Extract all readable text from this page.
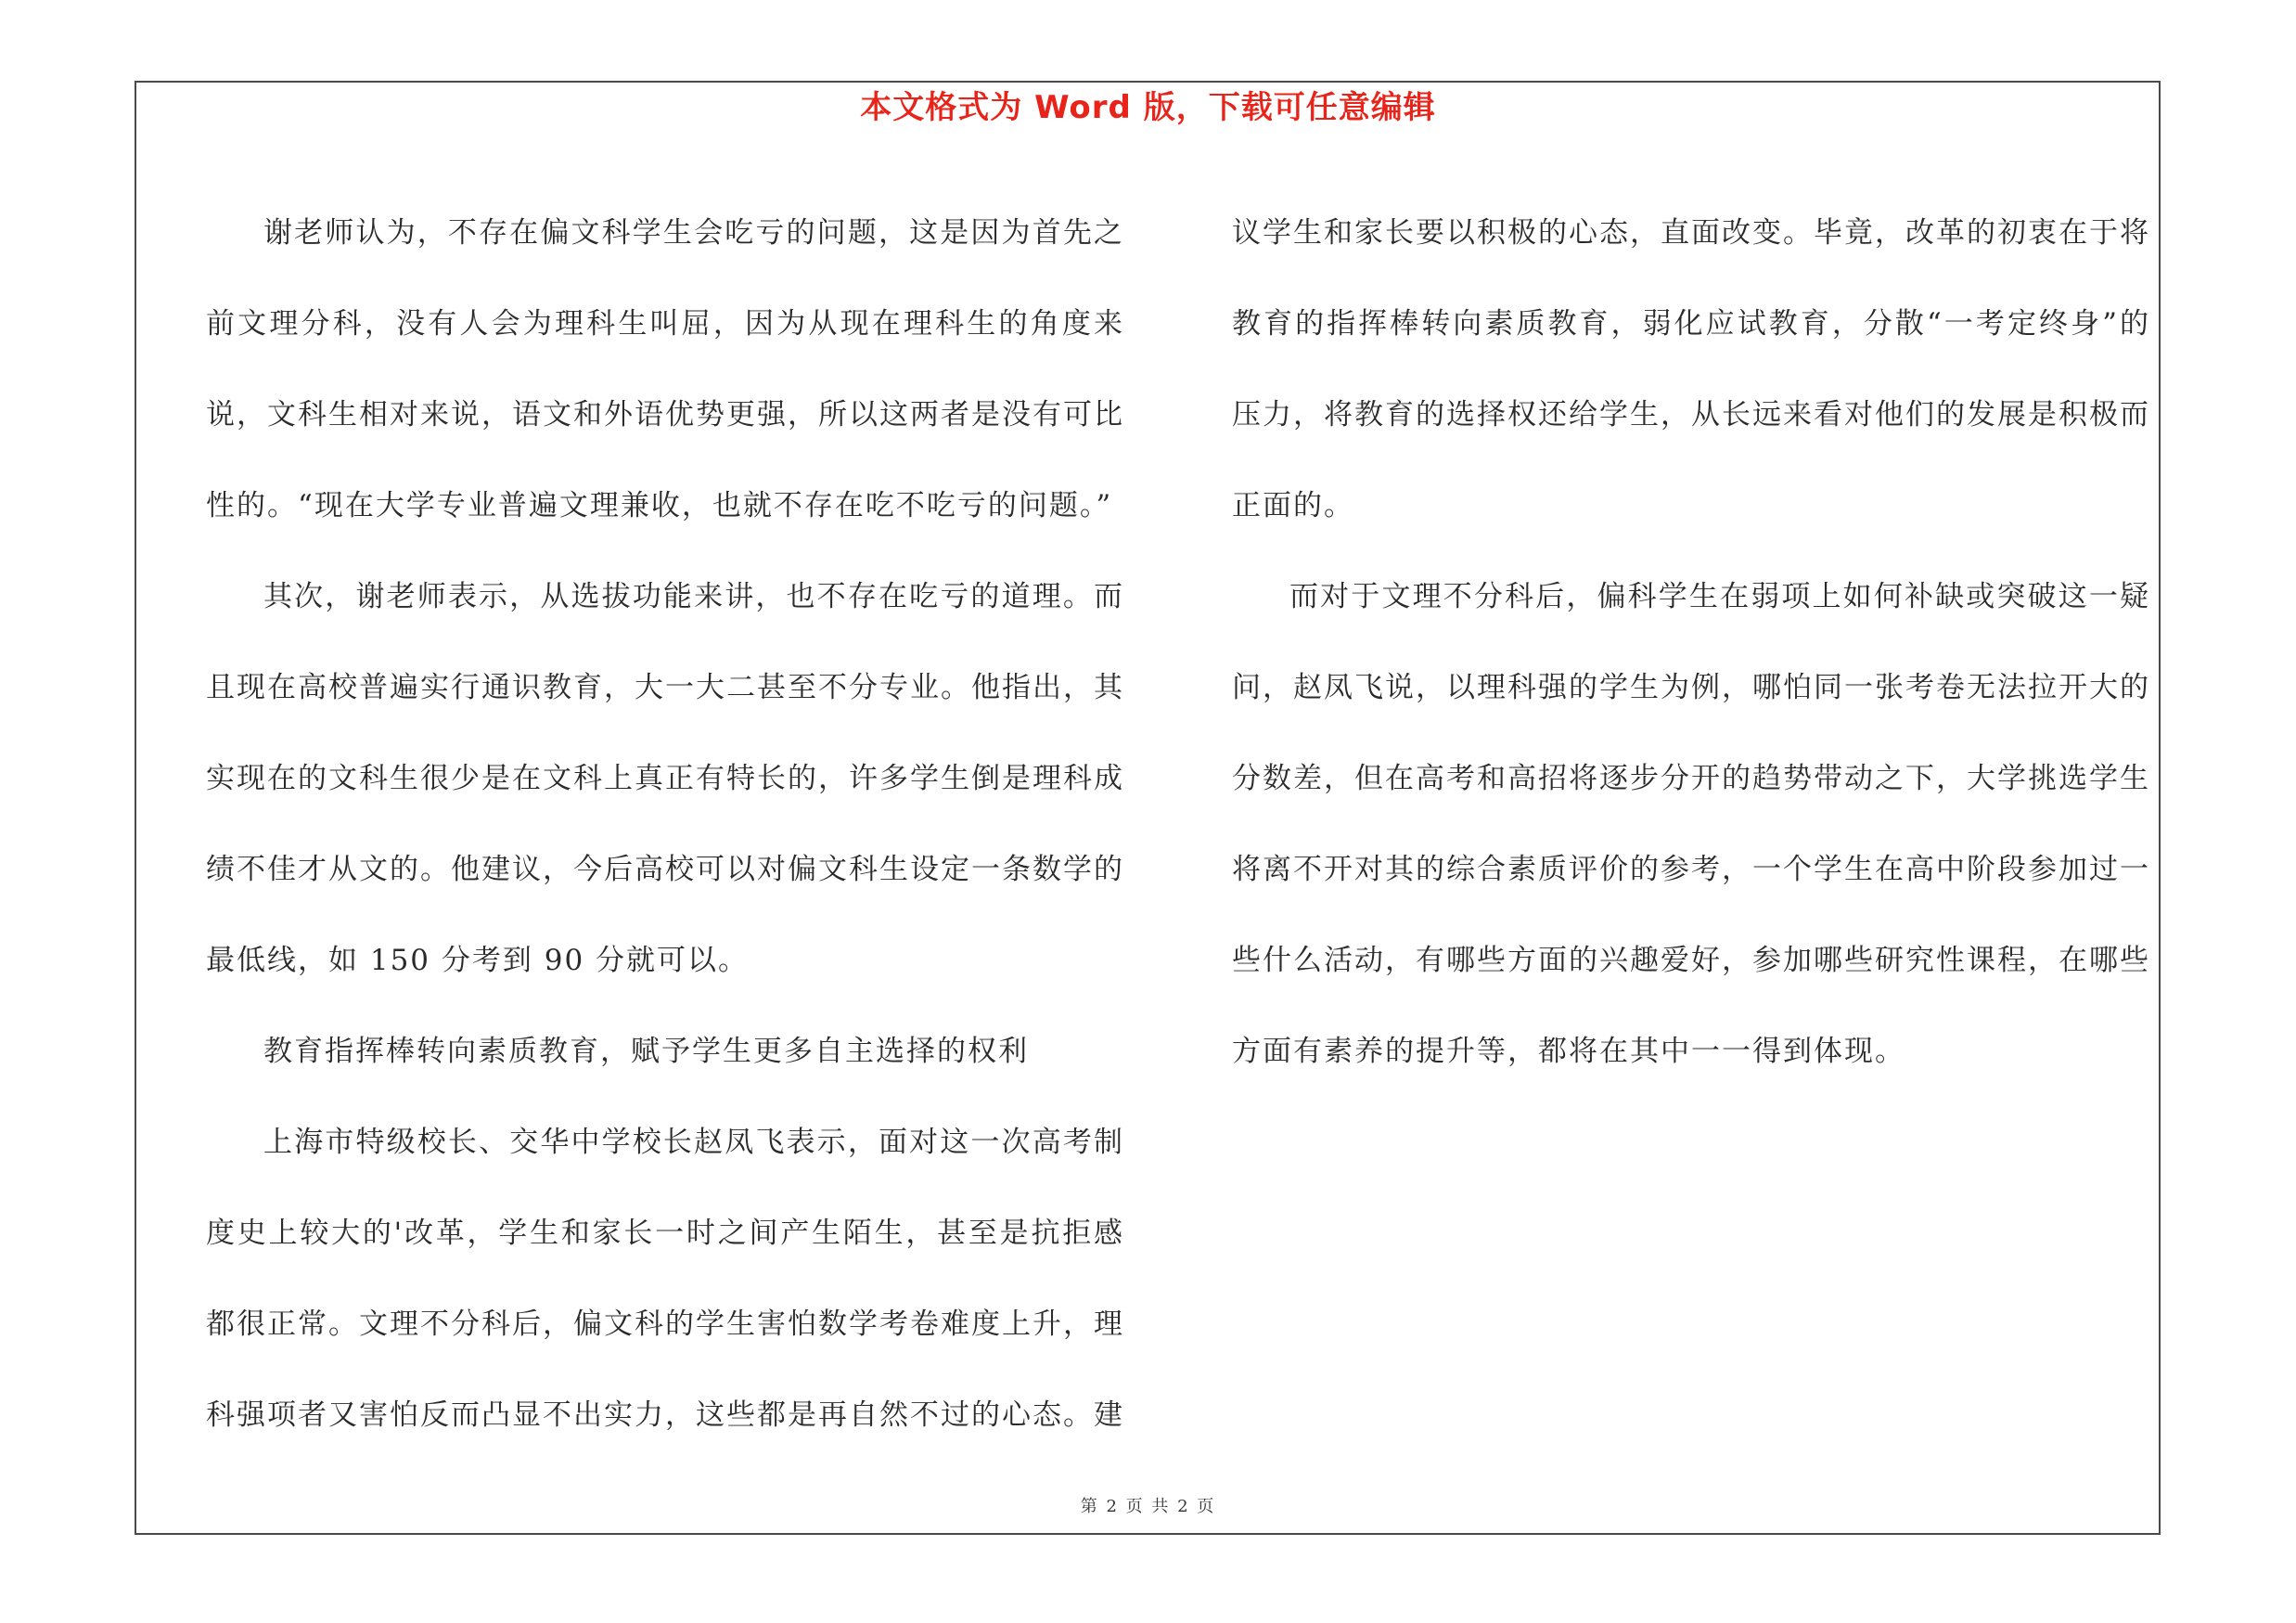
本文格式为 Word 版，下载可任意编辑

谢老师认为，不存在偏文科学生会吃亏的问题，这是因为首先之前文理分科，没有人会为理科生叫屈，因为从现在理科生的角度来说，文科生相对来说，语文和外语优势更强，所以这两者是没有可比性的。“现在大学专业普遍文理兼收，也就不存在吃不吃亏的问题。”

其次，谢老师表示，从选拔功能来讲，也不存在吃亏的道理。而且现在高校普遍实行通识教育，大一大二甚至不分专业。他指出，其实现在的文科生很少是在文科上真正有特长的，许多学生倒是理科成绩不佳才从文的。他建议，今后高校可以对偏文科生设定一条数学的最低线，如 150 分考到 90 分就可以。

教育指挥棒转向素质教育，赋予学生更多自主选择的权利

上海市特级校长、交华中学校长赵凤飞表示，面对这一次高考制度史上较大的'改革，学生和家长一时之间产生陌生，甚至是抗拒感都很正常。文理不分科后，偏文科的学生害怕数学考卷难度上升，理科强项者又害怕反而凸显不出实力，这些都是再自然不过的心态。建

议学生和家长要以积极的心态，直面改变。毕竟，改革的初衷在于将教育的指挥棒转向素质教育，弱化应试教育，分散“一考定终身”的压力，将教育的选择权还给学生，从长远来看对他们的发展是积极而正面的。

而对于文理不分科后，偏科学生在弱项上如何补缺或突破这一疑问，赵凤飞说，以理科强的学生为例，哪怕同一张考卷无法拉开大的分数差，但在高考和高招将逐步分开的趋势带动之下，大学挑选学生将离不开对其的综合素质评价的参考，一个学生在高中阶段参加过一些什么活动，有哪些方面的兴趣爱好，参加哪些研究性课程，在哪些方面有素养的提升等，都将在其中一一得到体现。

第 2 页 共 2 页
